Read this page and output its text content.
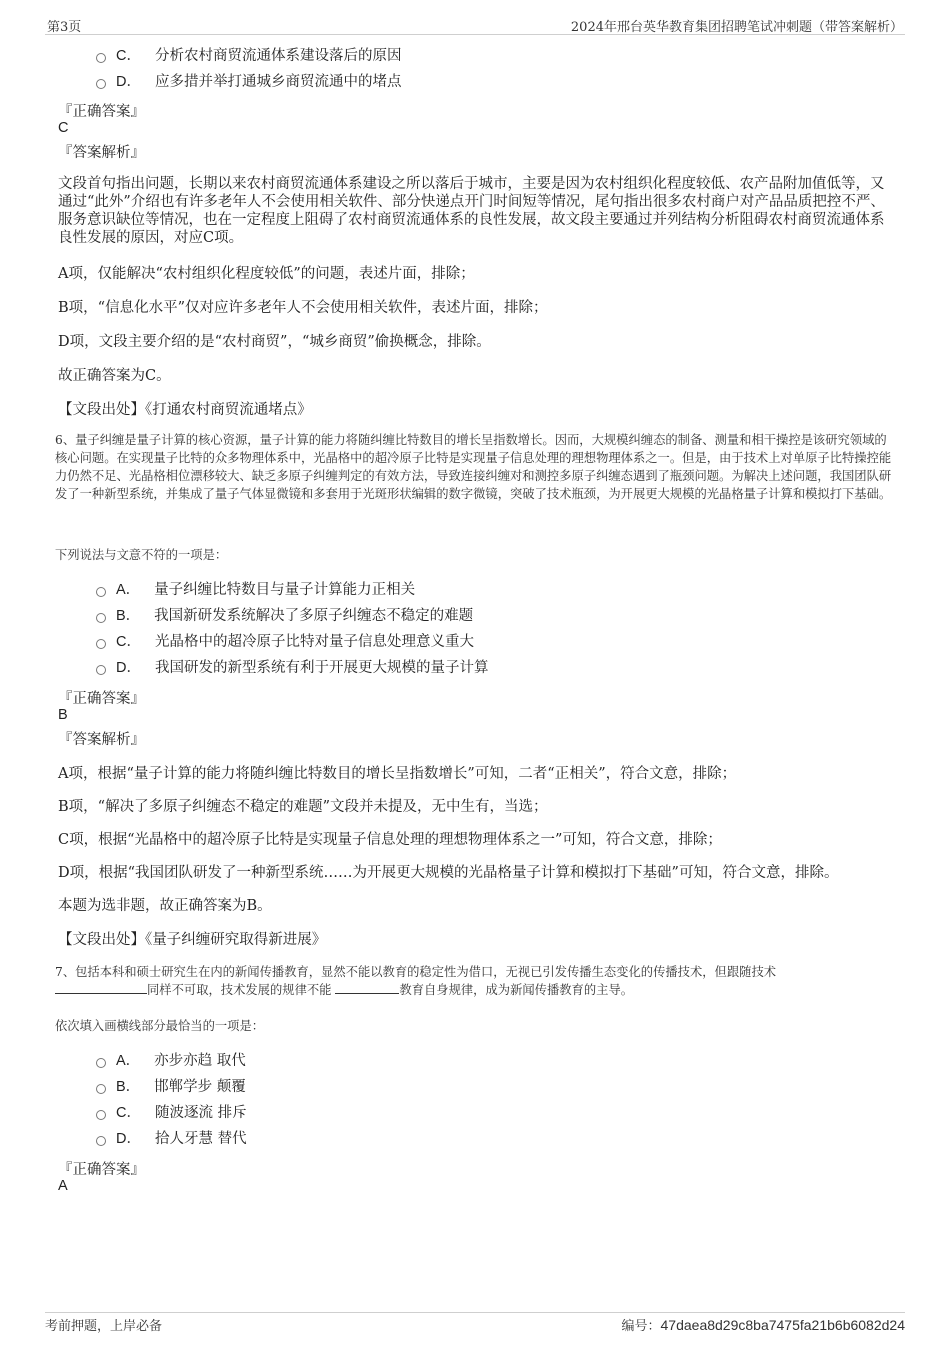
第3页	2024年邢台英华教育集团招聘笔试冲刺题（带答案解析）
C． 分析农村商贸流通体系建设落后的原因
D． 应多措并举打通城乡商贸流通中的堵点
『正确答案』
C
『答案解析』
文段首句指出问题，长期以来农村商贸流通体系建设之所以落后于城市，主要是因为农村组织化程度较低、农产品附加值低等，又通过“此外”介绍也有许多老年人不会使用相关软件、部分快递点开门时间短等情况，尾句指出很多农村商户对产品品质把控不严、服务意识缺位等情况，也在一定程度上阻碍了农村商贸流通体系的良性发展，故文段主要通过并列结构分析阻碍农村商贸流通体系良性发展的原因，对应C项。
A项，仅能解决“农村组织化程度较低”的问题，表述片面，排除；
B项，“信息化水平”仅对应许多老年人不会使用相关软件，表述片面，排除；
D项，文段主要介绍的是“农村商贸”，“城乡商贸”偷换概念，排除。
故正确答案为C。
【文段出处】《打通农村商贸流通堵点》
6、量子纠缠是量子计算的核心资源，量子计算的能力将随纠缠比特数目的增长呈指数增长。因而，大规模纠缠态的制备、测量和相干操控是该研究领域的核心问题。在实现量子比特的众多物理体系中，光晶格中的超冷原子比特是实现量子信息处理的理想物理体系之一。但是，由于技术上对单原子比特操控能力仍然不足、光晶格相位漂移较大、缺乏多原子纠缠判定的有效方法，导致连接纠缠对和测控多原子纠缠态遇到了瓶颈问题。为解决上述问题，我国团队研发了一种新型系统，并集成了量子气体显微镜和多套用于光斑形状编辑的数字微镜，突破了技术瓶颈，为开展更大规模的光晶格量子计算和模拟打下基础。
下列说法与文意不符的一项是：
A． 量子纠缠比特数目与量子计算能力正相关
B． 我国新研发系统解决了多原子纠缠态不稳定的难题
C． 光晶格中的超冷原子比特对量子信息处理意义重大
D． 我国研发的新型系统有利于开展更大规模的量子计算
『正确答案』
B
『答案解析』
A项，根据“量子计算的能力将随纠缠比特数目的增长呈指数增长”可知，二者“正相关”，符合文意，排除；
B项，“解决了多原子纠缠态不稳定的难题”文段并未提及，无中生有，当选；
C项，根据“光晶格中的超冷原子比特是实现量子信息处理的理想物理体系之一”可知，符合文意，排除；
D项，根据“我国团队研发了一种新型系统……为开展更大规模的光晶格量子计算和模拟打下基础”可知，符合文意，排除。
本题为选非题，故正确答案为B。
【文段出处】《量子纠缠研究取得新进展》
7、包括本科和硕士研究生在内的新闻传播教育，显然不能以教育的稳定性为借口，无视已引发传播生态变化的传播技术，但跟随技术
同样不可取，技术发展的规律不能	教育自身规律，成为新闻传播教育的主导。
依次填入画横线部分最恰当的一项是：
A． 亦步亦趋 取代
B． 邯郸学步 颠覆
C． 随波逐流 排斥
D． 拾人牙慧 替代
『正确答案』
A
考前押题，上岸必备	编号：47daea8d29c8ba7475fa21b6b6082d24
